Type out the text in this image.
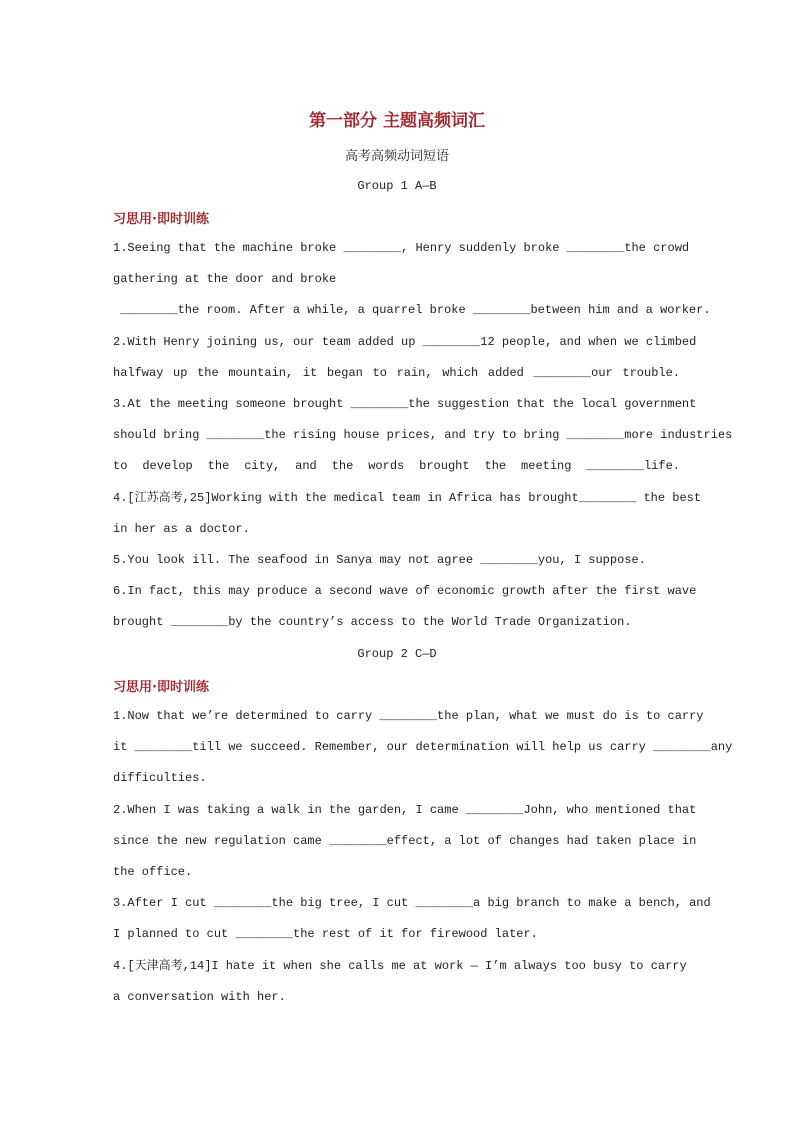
第一部分 主题高频词汇
高考高频动词短语
Group 1 A—B
习思用·即时训练
1.Seeing that the machine broke ________, Henry suddenly broke ________the crowd
gathering at the door and broke
________the room. After a while, a quarrel broke ________between him and a worker.
2.With Henry joining us, our team added up ________12 people, and when we climbed
halfway up the mountain, it began to rain, which added ________our trouble.
3.At the meeting someone brought ________the suggestion that the local government
should bring ________the rising house prices, and try to bring ________more industries
to develop the city, and the words brought the meeting ________life.
4.[江苏高考,25]Working with the medical team in Africa has brought________ the best
in her as a doctor.
5.You look ill. The seafood in Sanya may not agree ________you, I suppose.
6.In fact, this may produce a second wave of economic growth after the first wave
brought ________by the country’s access to the World Trade Organization.
Group 2 C—D
习思用·即时训练
1.Now that we’re determined to carry ________the plan, what we must do is to carry
it ________till we succeed. Remember, our determination will help us carry ________any
difficulties.
2.When I was taking a walk in the garden, I came ________John, who mentioned that
since the new regulation came ________effect, a lot of changes had taken place in
the office.
3.After I cut ________the big tree, I cut ________a big branch to make a bench, and
I planned to cut ________the rest of it for firewood later.
4.[天津高考,14]I hate it when she calls me at work — I’m always too busy to carry
a conversation with her.
